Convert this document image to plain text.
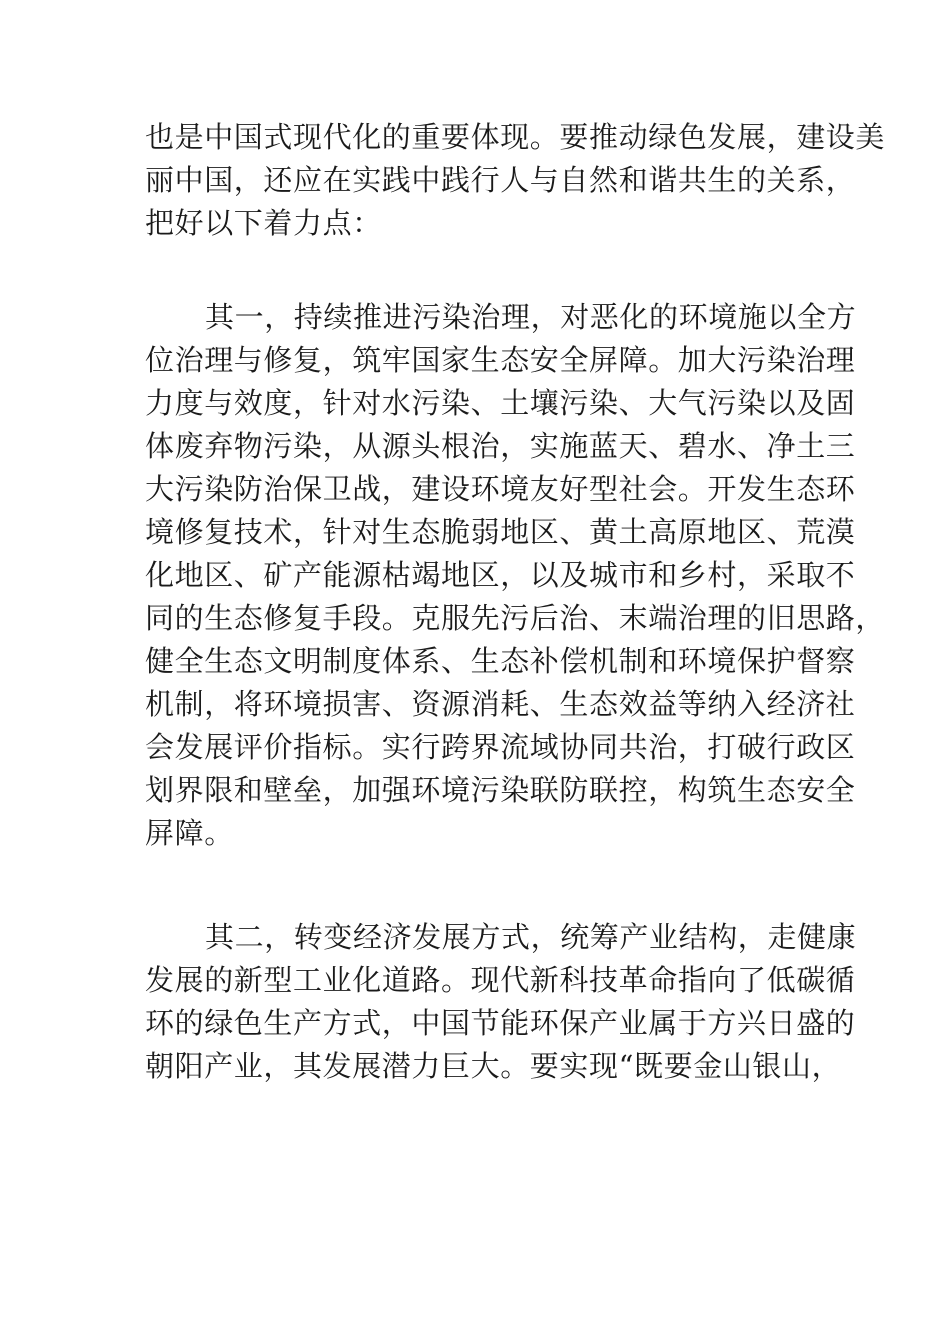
也是中国式现代化的重要体现。要推动绿色发展，建设美
丽中国，还应在实践中践行人与自然和谐共生的关系，
把好以下着力点：
其一，持续推进污染治理，对恶化的环境施以全方
位治理与修复，筑牢国家生态安全屏障。加大污染治理
力度与效度，针对水污染、土壤污染、大气污染以及固
体废弃物污染，从源头根治，实施蓝天、碧水、净土三
大污染防治保卫战，建设环境友好型社会。开发生态环
境修复技术，针对生态脆弱地区、黄土高原地区、荒漠
化地区、矿产能源枯竭地区，以及城市和乡村，采取不
同的生态修复手段。克服先污后治、末端治理的旧思路，
健全生态文明制度体系、生态补偿机制和环境保护督察
机制，将环境损害、资源消耗、生态效益等纳入经济社
会发展评价指标。实行跨界流域协同共治，打破行政区
划界限和壁垒，加强环境污染联防联控，构筑生态安全
屏障。
其二，转变经济发展方式，统筹产业结构，走健康
发展的新型工业化道路。现代新科技革命指向了低碳循
环的绿色生产方式，中国节能环保产业属于方兴日盛的
朝阳产业，其发展潜力巨大。要实现“既要金山银山，
